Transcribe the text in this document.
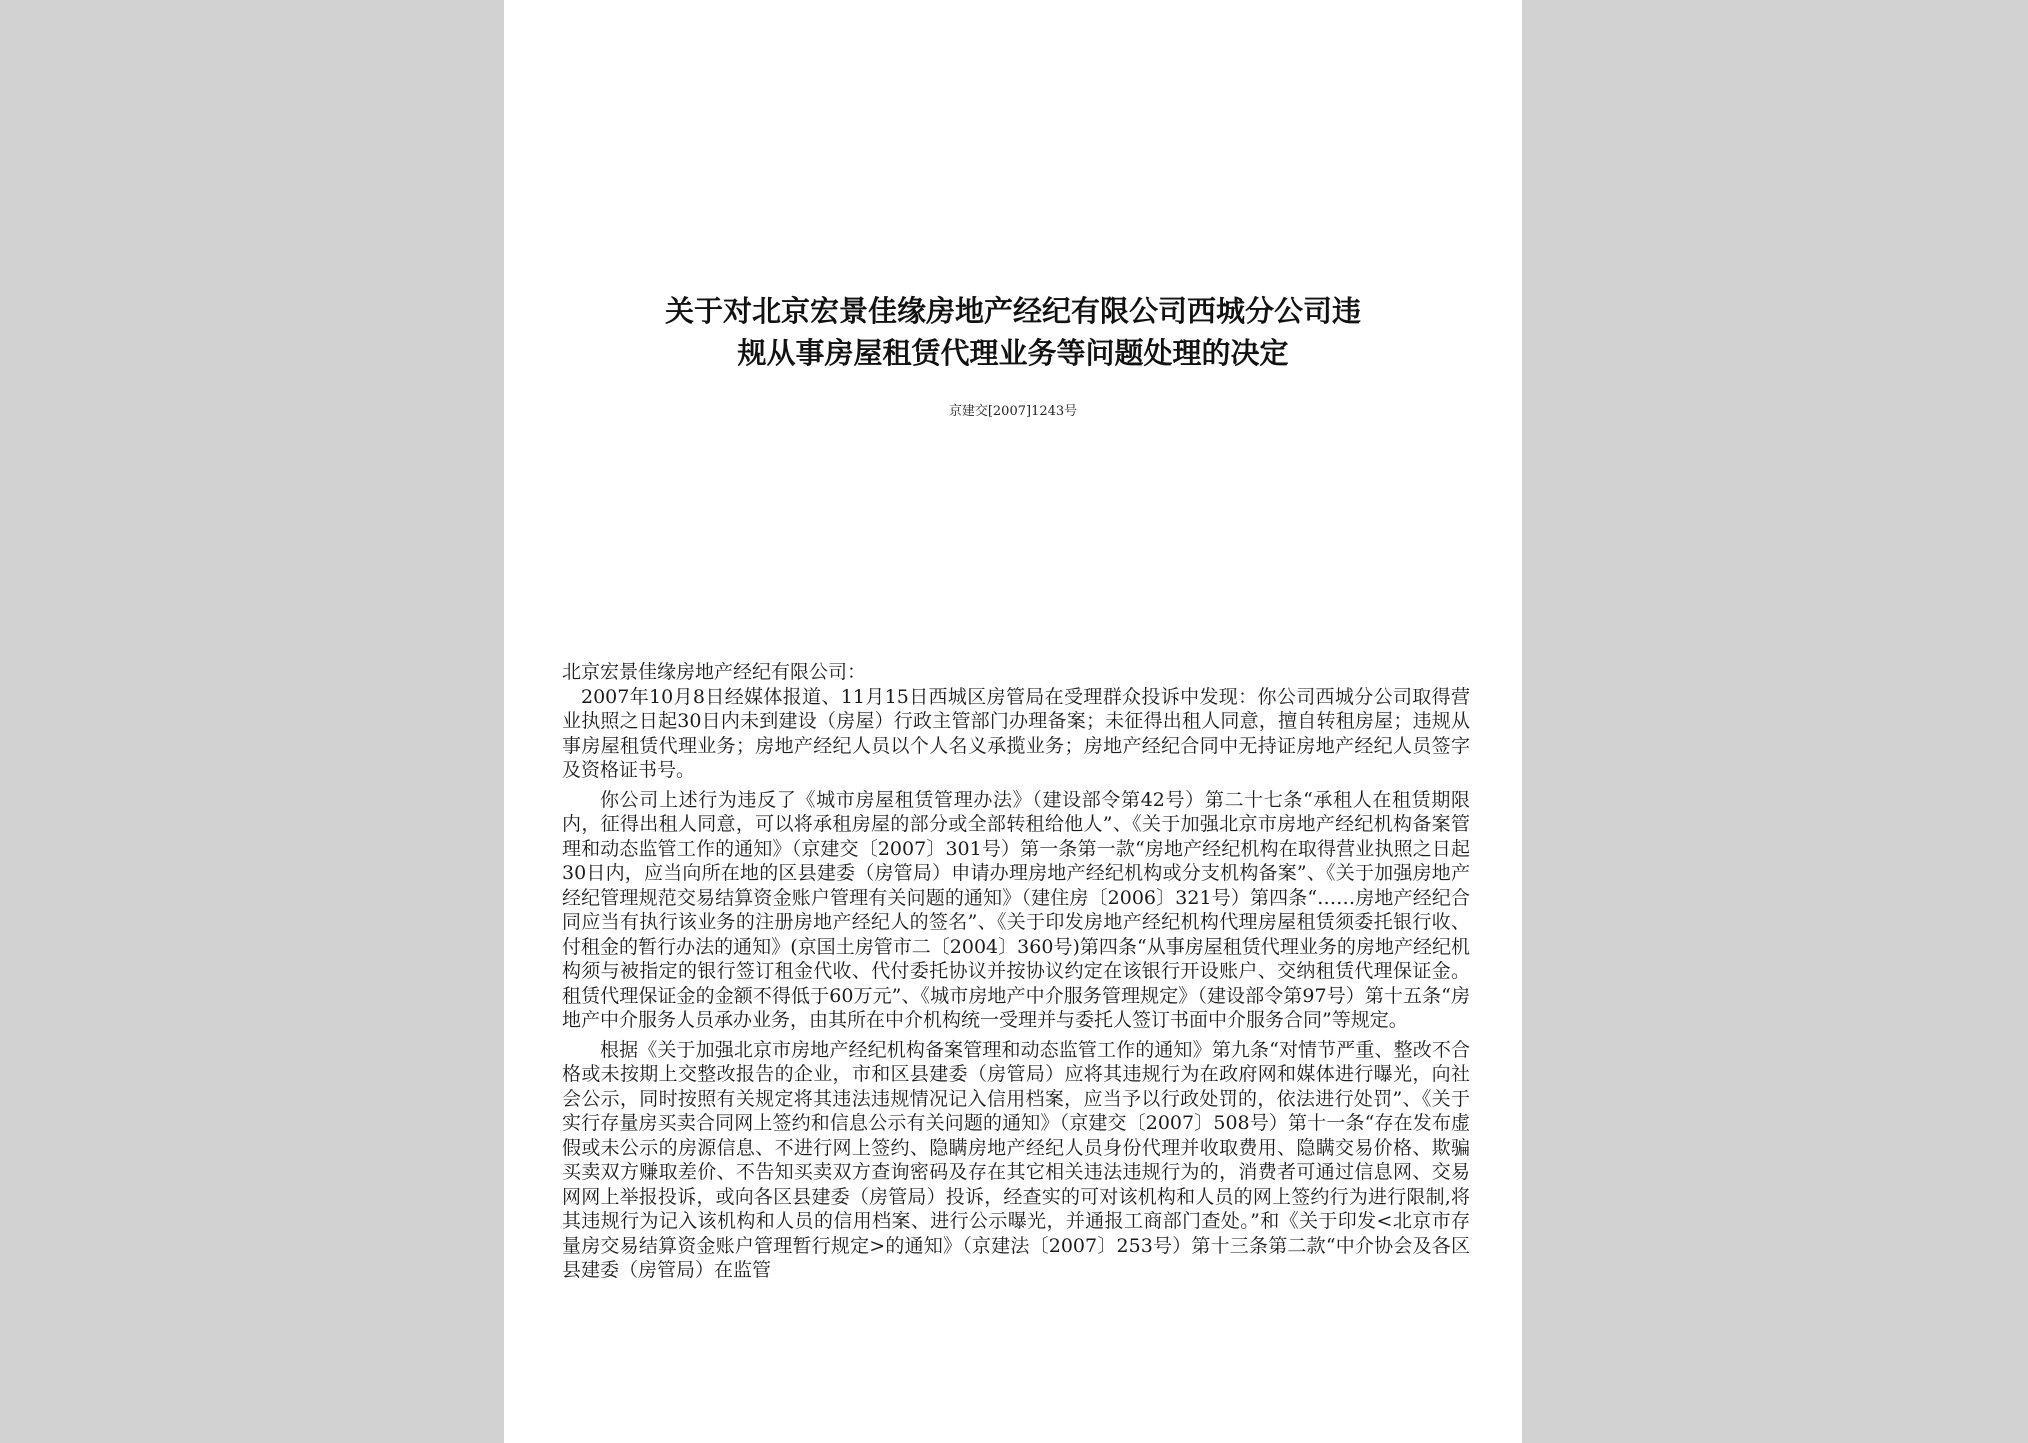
关于对北京宏景佳缘房地产经纪有限公司西城分公司违
规从事房屋租赁代理业务等问题处理的决定
京建交[2007]1243号

北京宏景佳缘房地产经纪有限公司：

2007年10月8日经媒体报道、11月15日西城区房管局在受理群众投诉中发现：你公司西城分公司取得营业执照之日起30日内未到建设（房屋）行政主管部门办理备案；未征得出租人同意，擅自转租房屋；违规从事房屋租赁代理业务；房地产经纪人员以个人名义承揽业务；房地产经纪合同中无持证房地产经纪人员签字及资格证书号。

你公司上述行为违反了《城市房屋租赁管理办法》（建设部令第42号）第二十七条“承租人在租赁期限内，征得出租人同意，可以将承租房屋的部分或全部转租给他人”、《关于加强北京市房地产经纪机构备案管理和动态监管工作的通知》（京建交〔2007〕301号）第一条第一款“房地产经纪机构在取得营业执照之日起30日内，应当向所在地的区县建委（房管局）申请办理房地产经纪机构或分支机构备案”、《关于加强房地产经纪管理规范交易结算资金账户管理有关问题的通知》（建住房〔2006〕321号）第四条“……房地产经纪合同应当有执行该业务的注册房地产经纪人的签名”、《关于印发房地产经纪机构代理房屋租赁须委托银行收、付租金的暂行办法的通知》(京国土房管市二〔2004〕360号)第四条“从事房屋租赁代理业务的房地产经纪机构须与被指定的银行签订租金代收、代付委托协议并按协议约定在该银行开设账户、交纳租赁代理保证金。租赁代理保证金的金额不得低于60万元”、《城市房地产中介服务管理规定》（建设部令第97号）第十五条“房地产中介服务人员承办业务，由其所在中介机构统一受理并与委托人签订书面中介服务合同”等规定。

根据《关于加强北京市房地产经纪机构备案管理和动态监管工作的通知》第九条“对情节严重、整改不合格或未按期上交整改报告的企业，市和区县建委（房管局）应将其违规行为在政府网和媒体进行曝光，向社会公示，同时按照有关规定将其违法违规情况记入信用档案，应当予以行政处罚的，依法进行处罚”、《关于实行存量房买卖合同网上签约和信息公示有关问题的通知》（京建交〔2007〕508号）第十一条“存在发布虚假或未公示的房源信息、不进行网上签约、隐瞒房地产经纪人员身份代理并收取费用、隐瞒交易价格、欺骗买卖双方赚取差价、不告知买卖双方查询密码及存在其它相关违法违规行为的，消费者可通过信息网、交易网网上举报投诉，或向各区县建委（房管局）投诉，经查实的可对该机构和人员的网上签约行为进行限制,将其违规行为记入该机构和人员的信用档案、进行公示曝光，并通报工商部门查处。”和《关于印发<北京市存量房交易结算资金账户管理暂行规定>的通知》（京建法〔2007〕253号）第十三条第二款“中介协会及各区县建委（房管局）在监管
